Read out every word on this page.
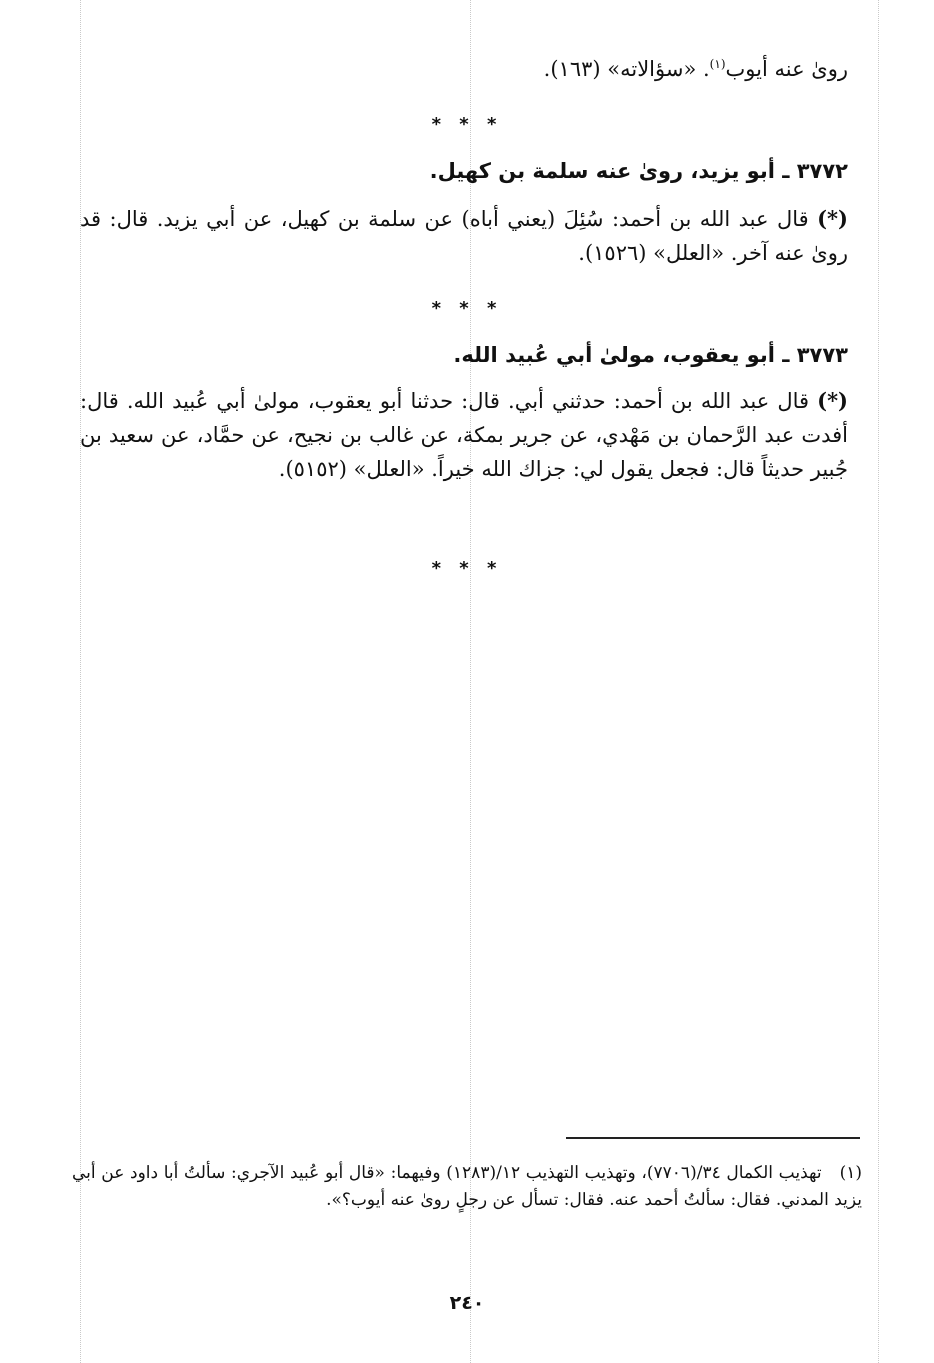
روىٰ عنه أيوب$^{(١)}$. «سؤالاته» (١٦٣).
* * *
٣٧٧٢ ـ أبو يزيد، روىٰ عنه سلمة بن كهيل.
(*) قال عبد الله بن أحمد: سُئِلَ (يعني أباه) عن سلمة بن كهيل، عن أبي يزيد. قال: قد روىٰ عنه آخر. «العلل» (١٥٢٦).
* * *
٣٧٧٣ ـ أبو يعقوب، مولىٰ أبي عُبيد الله.
(*) قال عبد الله بن أحمد: حدثني أبي. قال: حدثنا أبو يعقوب، مولىٰ أبي عُبيد الله. قال: أفدت عبد الرَّحمان بن مَهْدي، عن جرير بمكة، عن غالب بن نجيح، عن حمَّاد، عن سعيد بن جُبير حديثاً قال: فجعل يقول لي: جزاك الله خيراً. «العلل» (٥١٥٢).
* * *
(١)تهذيب الكمال ٣٤/(٧٧٠٦)، وتهذيب التهذيب ١٢/(١٢٨٣) وفيهما: «قال أبو عُبيد الآجري: سألتُ أبا داود عن أبي يزيد المدني. فقال: سألتُ أحمد عنه. فقال: تسأل عن رجلٍ روىٰ عنه أيوب؟».
٢٤٠
